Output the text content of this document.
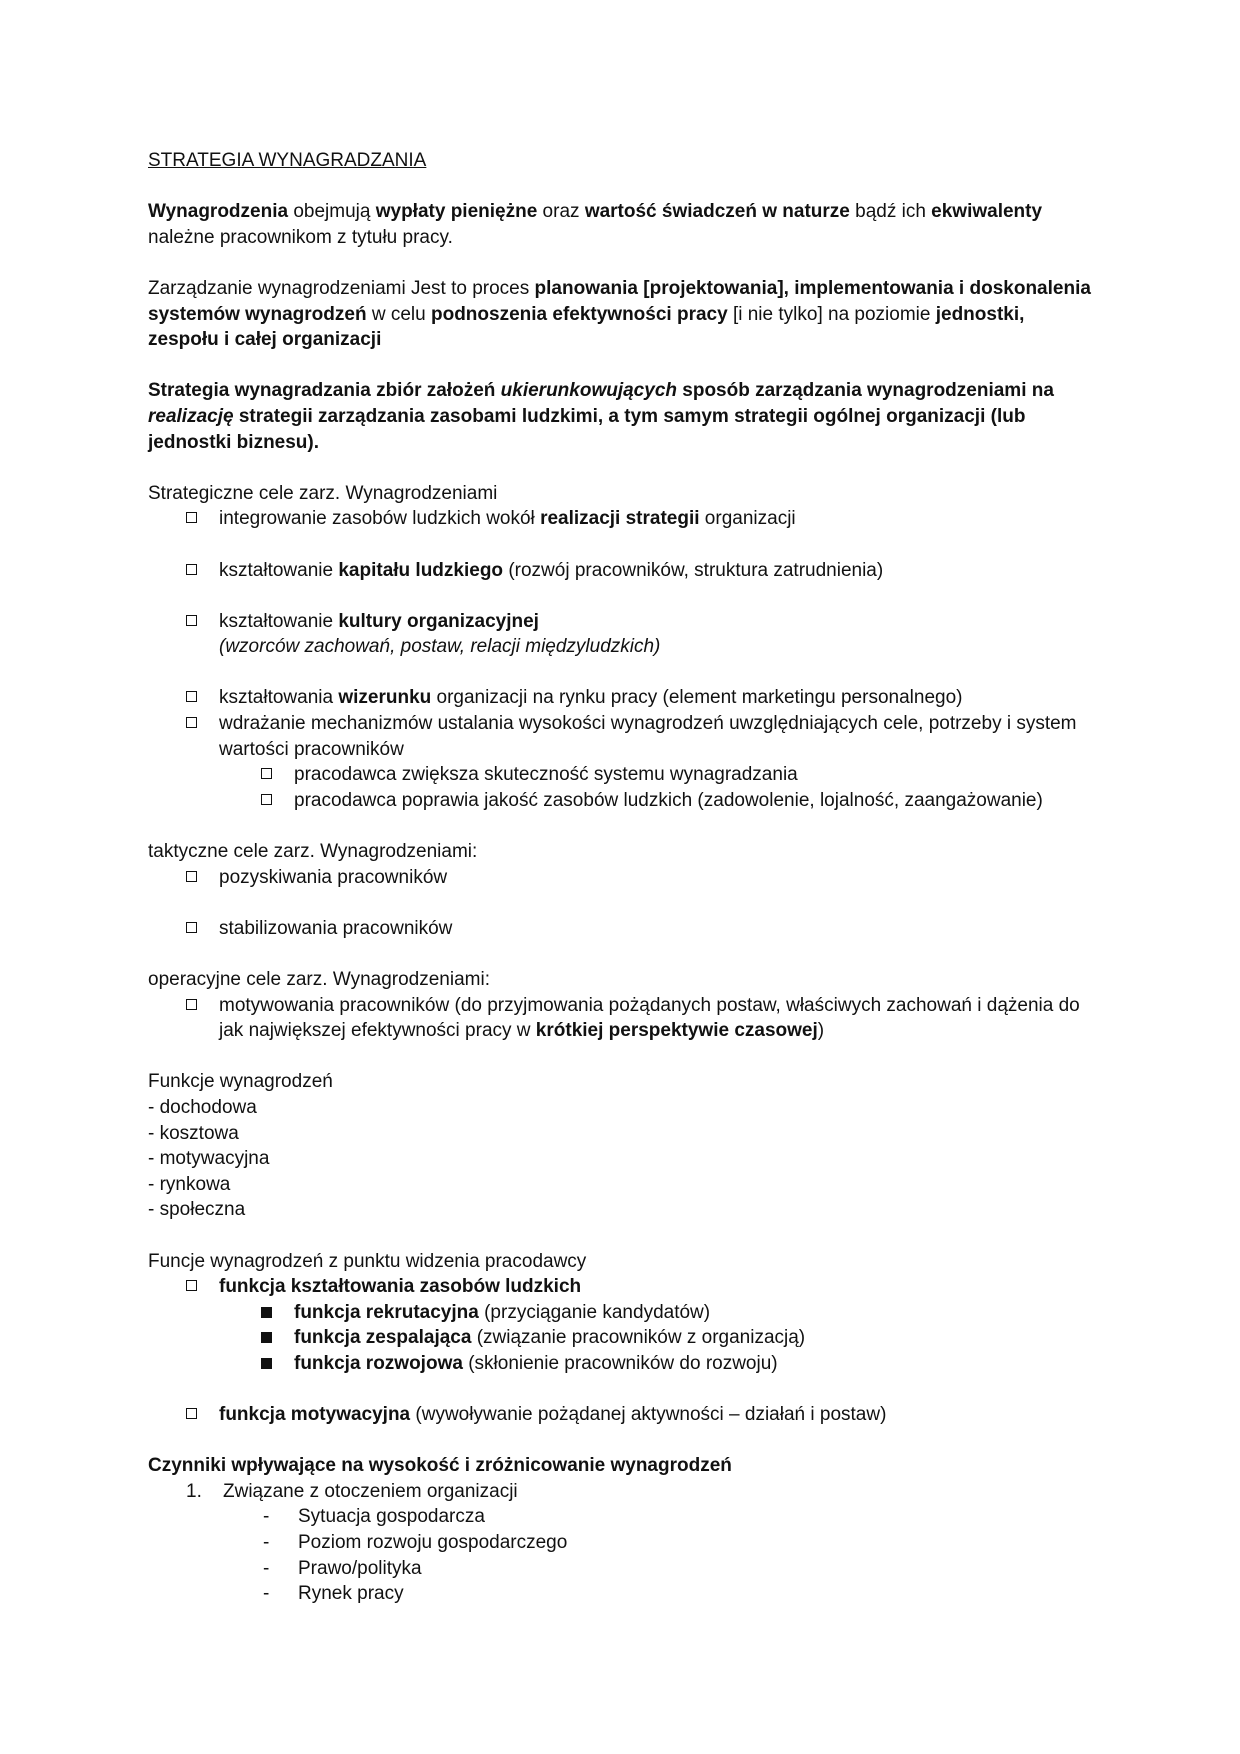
STRATEGIA WYNAGRADZANIA
Wynagrodzenia obejmują wypłaty pieniężne oraz wartość świadczeń w naturze bądź ich ekwiwalenty należne pracownikom z tytułu pracy.
Zarządzanie wynagrodzeniami Jest to proces planowania [projektowania], implementowania i doskonalenia systemów wynagrodzeń w celu podnoszenia efektywności pracy [i nie tylko] na poziomie jednostki, zespołu i całej organizacji
Strategia wynagradzania zbiór założeń ukierunkowujących sposób zarządzania wynagrodzeniami na realizację strategii zarządzania zasobami ludzkimi, a tym samym strategii ogólnej organizacji (lub jednostki biznesu).
Strategiczne cele zarz. Wynagrodzeniami
integrowanie zasobów ludzkich wokół realizacji strategii organizacji
kształtowanie kapitału ludzkiego (rozwój pracowników, struktura zatrudnienia)
kształtowanie kultury organizacyjnej
(wzorców zachowań, postaw, relacji międzyludzkich)
kształtowania wizerunku organizacji na rynku pracy (element marketingu personalnego)
wdrażanie mechanizmów ustalania wysokości wynagrodzeń uwzględniających cele, potrzeby i system wartości pracowników
pracodawca zwiększa skuteczność systemu wynagradzania
pracodawca poprawia jakość zasobów ludzkich (zadowolenie, lojalność, zaangażowanie)
taktyczne cele zarz. Wynagrodzeniami:
pozyskiwania pracowników
stabilizowania pracowników
operacyjne cele zarz. Wynagrodzeniami:
motywowania pracowników (do przyjmowania pożądanych postaw, właściwych zachowań i dążenia do jak największej efektywności pracy w krótkiej perspektywie czasowej)
Funkcje wynagrodzeń
- dochodowa
- kosztowa
- motywacyjna
- rynkowa
- społeczna
Funcje wynagrodzeń z punktu widzenia pracodawcy
funkcja kształtowania zasobów ludzkich
funkcja rekrutacyjna (przyciąganie kandydatów)
funkcja zespalająca (związanie pracowników z organizacją)
funkcja rozwojowa (skłonienie pracowników do rozwoju)
funkcja motywacyjna (wywoływanie pożądanej aktywności – działań i postaw)
Czynniki wpływające na wysokość i zróżnicowanie wynagrodzeń
1.	Związane z otoczeniem organizacji
-	Sytuacja gospodarcza
-	Poziom rozwoju gospodarczego
-	Prawo/polityka
-	Rynek pracy
